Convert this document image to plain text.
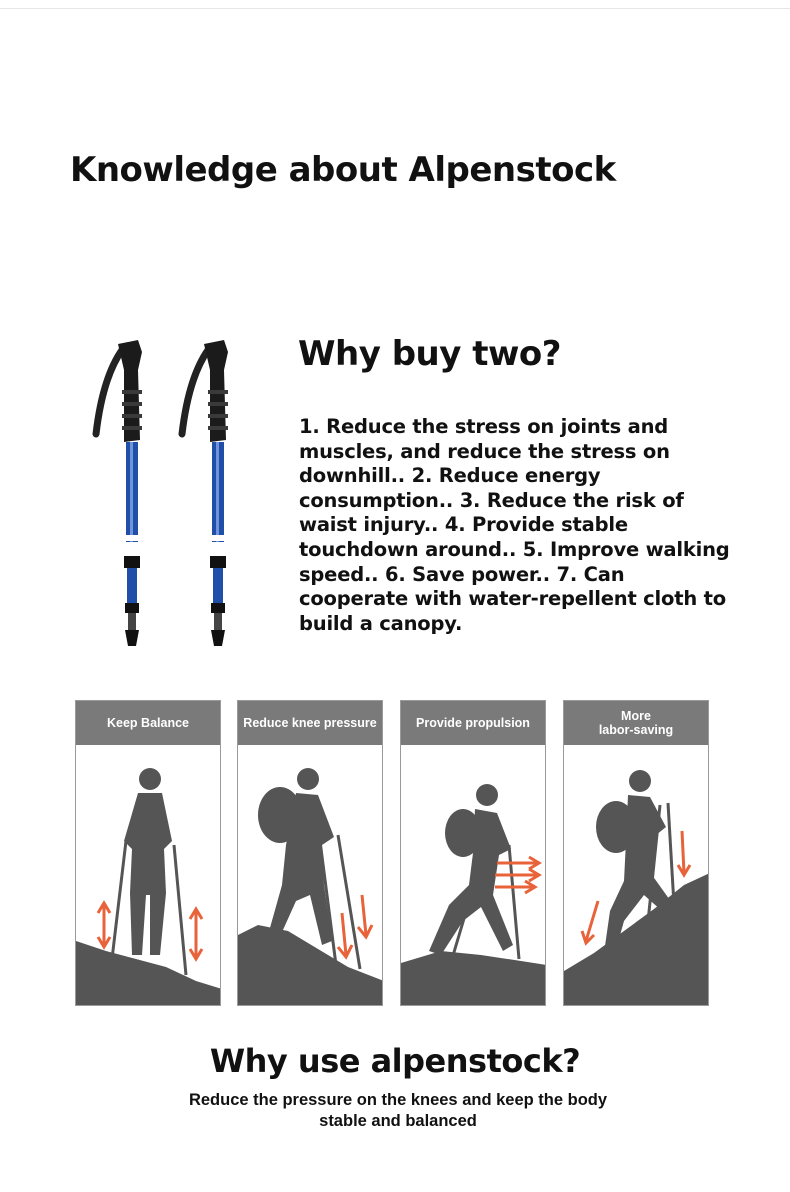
Knowledge about Alpenstock
Why buy two?

1. Reduce the stress on joints and muscles, and reduce the stress on downhill.. 2. Reduce energy consumption.. 3. Reduce the risk of waist injury.. 4. Provide stable touchdown around.. 5. Improve walking speed.. 6. Save power.. 7. Can cooperate with water-repellent cloth to build a canopy.

Keep Balance	Reduce knee pressure	Provide propulsion	More
labor-saving
Why use alpenstock?

Reduce the pressure on the knees and keep the body stable and balanced
